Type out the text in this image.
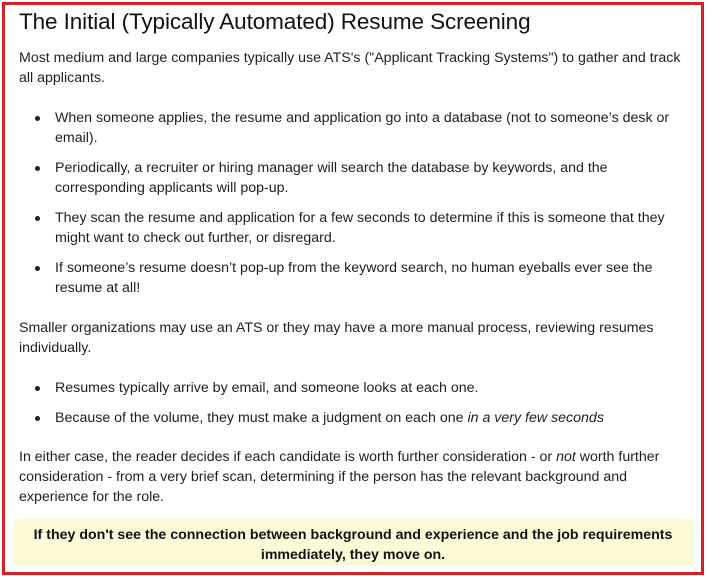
The Initial (Typically Automated) Resume Screening

Most medium and large companies typically use ATS's ("Applicant Tracking Systems") to gather and track all applicants.

When someone applies, the resume and application go into a database (not to someone’s desk or email).
Periodically, a recruiter or hiring manager will search the database by keywords, and the corresponding applicants will pop-up.
They scan the resume and application for a few seconds to determine if this is someone that they might want to check out further, or disregard.
If someone’s resume doesn’t pop-up from the keyword search, no human eyeballs ever see the resume at all!

Smaller organizations may use an ATS or they may have a more manual process, reviewing resumes individually.

Resumes typically arrive by email, and someone looks at each one.
Because of the volume, they must make a judgment on each one in a very few seconds

In either case, the reader decides if each candidate is worth further consideration - or not worth further consideration - from a very brief scan, determining if the person has the relevant background and experience for the role.

If they don't see the connection between background and experience and the job requirements immediately, they move on.
